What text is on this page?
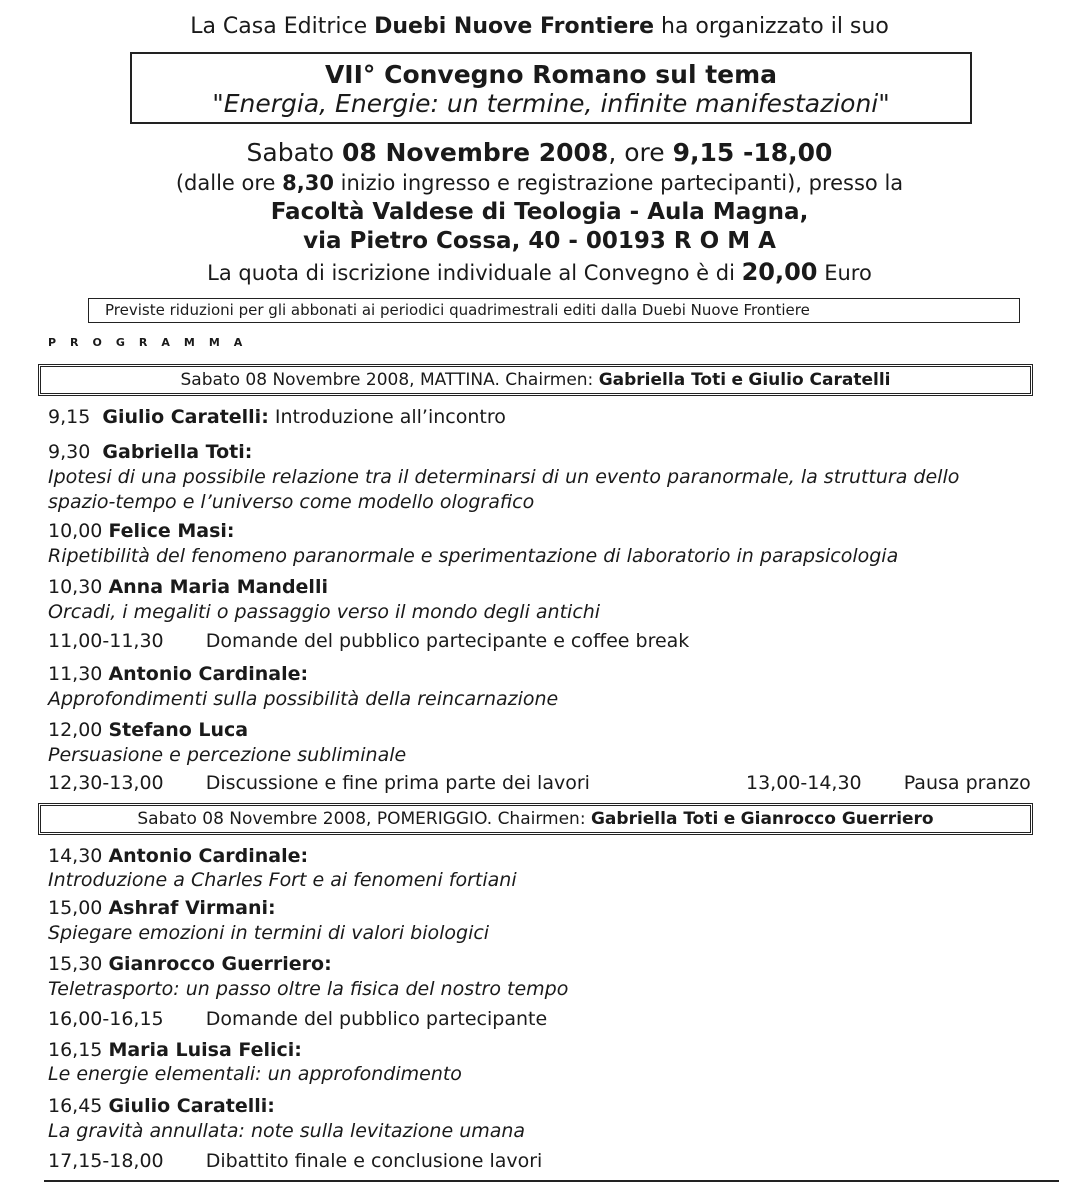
La Casa Editrice Duebi Nuove Frontiere ha organizzato il suo
VII° Convegno Romano sul tema
"Energia, Energie: un termine, infinite manifestazioni"
Sabato 08 Novembre 2008, ore 9,15 -18,00
(dalle ore 8,30 inizio ingresso e registrazione partecipanti), presso la
Facoltà Valdese di Teologia - Aula Magna,
via Pietro Cossa, 40 - 00193 R O M A
La quota di iscrizione individuale al Convegno è di 20,00 Euro
Previste riduzioni per gli abbonati ai periodici quadrimestrali editi dalla Duebi Nuove Frontiere
PROGRAMMA
Sabato 08 Novembre 2008, MATTINA. Chairmen: Gabriella Toti e Giulio Caratelli
9,15 Giulio Caratelli: Introduzione all’incontro
9,30 Gabriella Toti:
Ipotesi di una possibile relazione tra il determinarsi di un evento paranormale, la struttura dello
spazio-tempo e l’universo come modello olografico
10,00 Felice Masi:
Ripetibilità del fenomeno paranormale e sperimentazione di laboratorio in parapsicologia
10,30 Anna Maria Mandelli
Orcadi, i megaliti o passaggio verso il mondo degli antichi
11,00-11,30 Domande del pubblico partecipante e coffee break
11,30 Antonio Cardinale:
Approfondimenti sulla possibilità della reincarnazione
12,00 Stefano Luca
Persuasione e percezione subliminale
12,30-13,00 Discussione e fine prima parte dei lavori	13,00-14,30 Pausa pranzo
Sabato 08 Novembre 2008, POMERIGGIO. Chairmen: Gabriella Toti e Gianrocco Guerriero
14,30 Antonio Cardinale:
Introduzione a Charles Fort e ai fenomeni fortiani
15,00 Ashraf Virmani:
Spiegare emozioni in termini di valori biologici
15,30 Gianrocco Guerriero:
Teletrasporto: un passo oltre la fisica del nostro tempo
16,00-16,15 Domande del pubblico partecipante
16,15 Maria Luisa Felici:
Le energie elementali: un approfondimento
16,45 Giulio Caratelli:
La gravità annullata: note sulla levitazione umana
17,15-18,00 Dibattito finale e conclusione lavori
